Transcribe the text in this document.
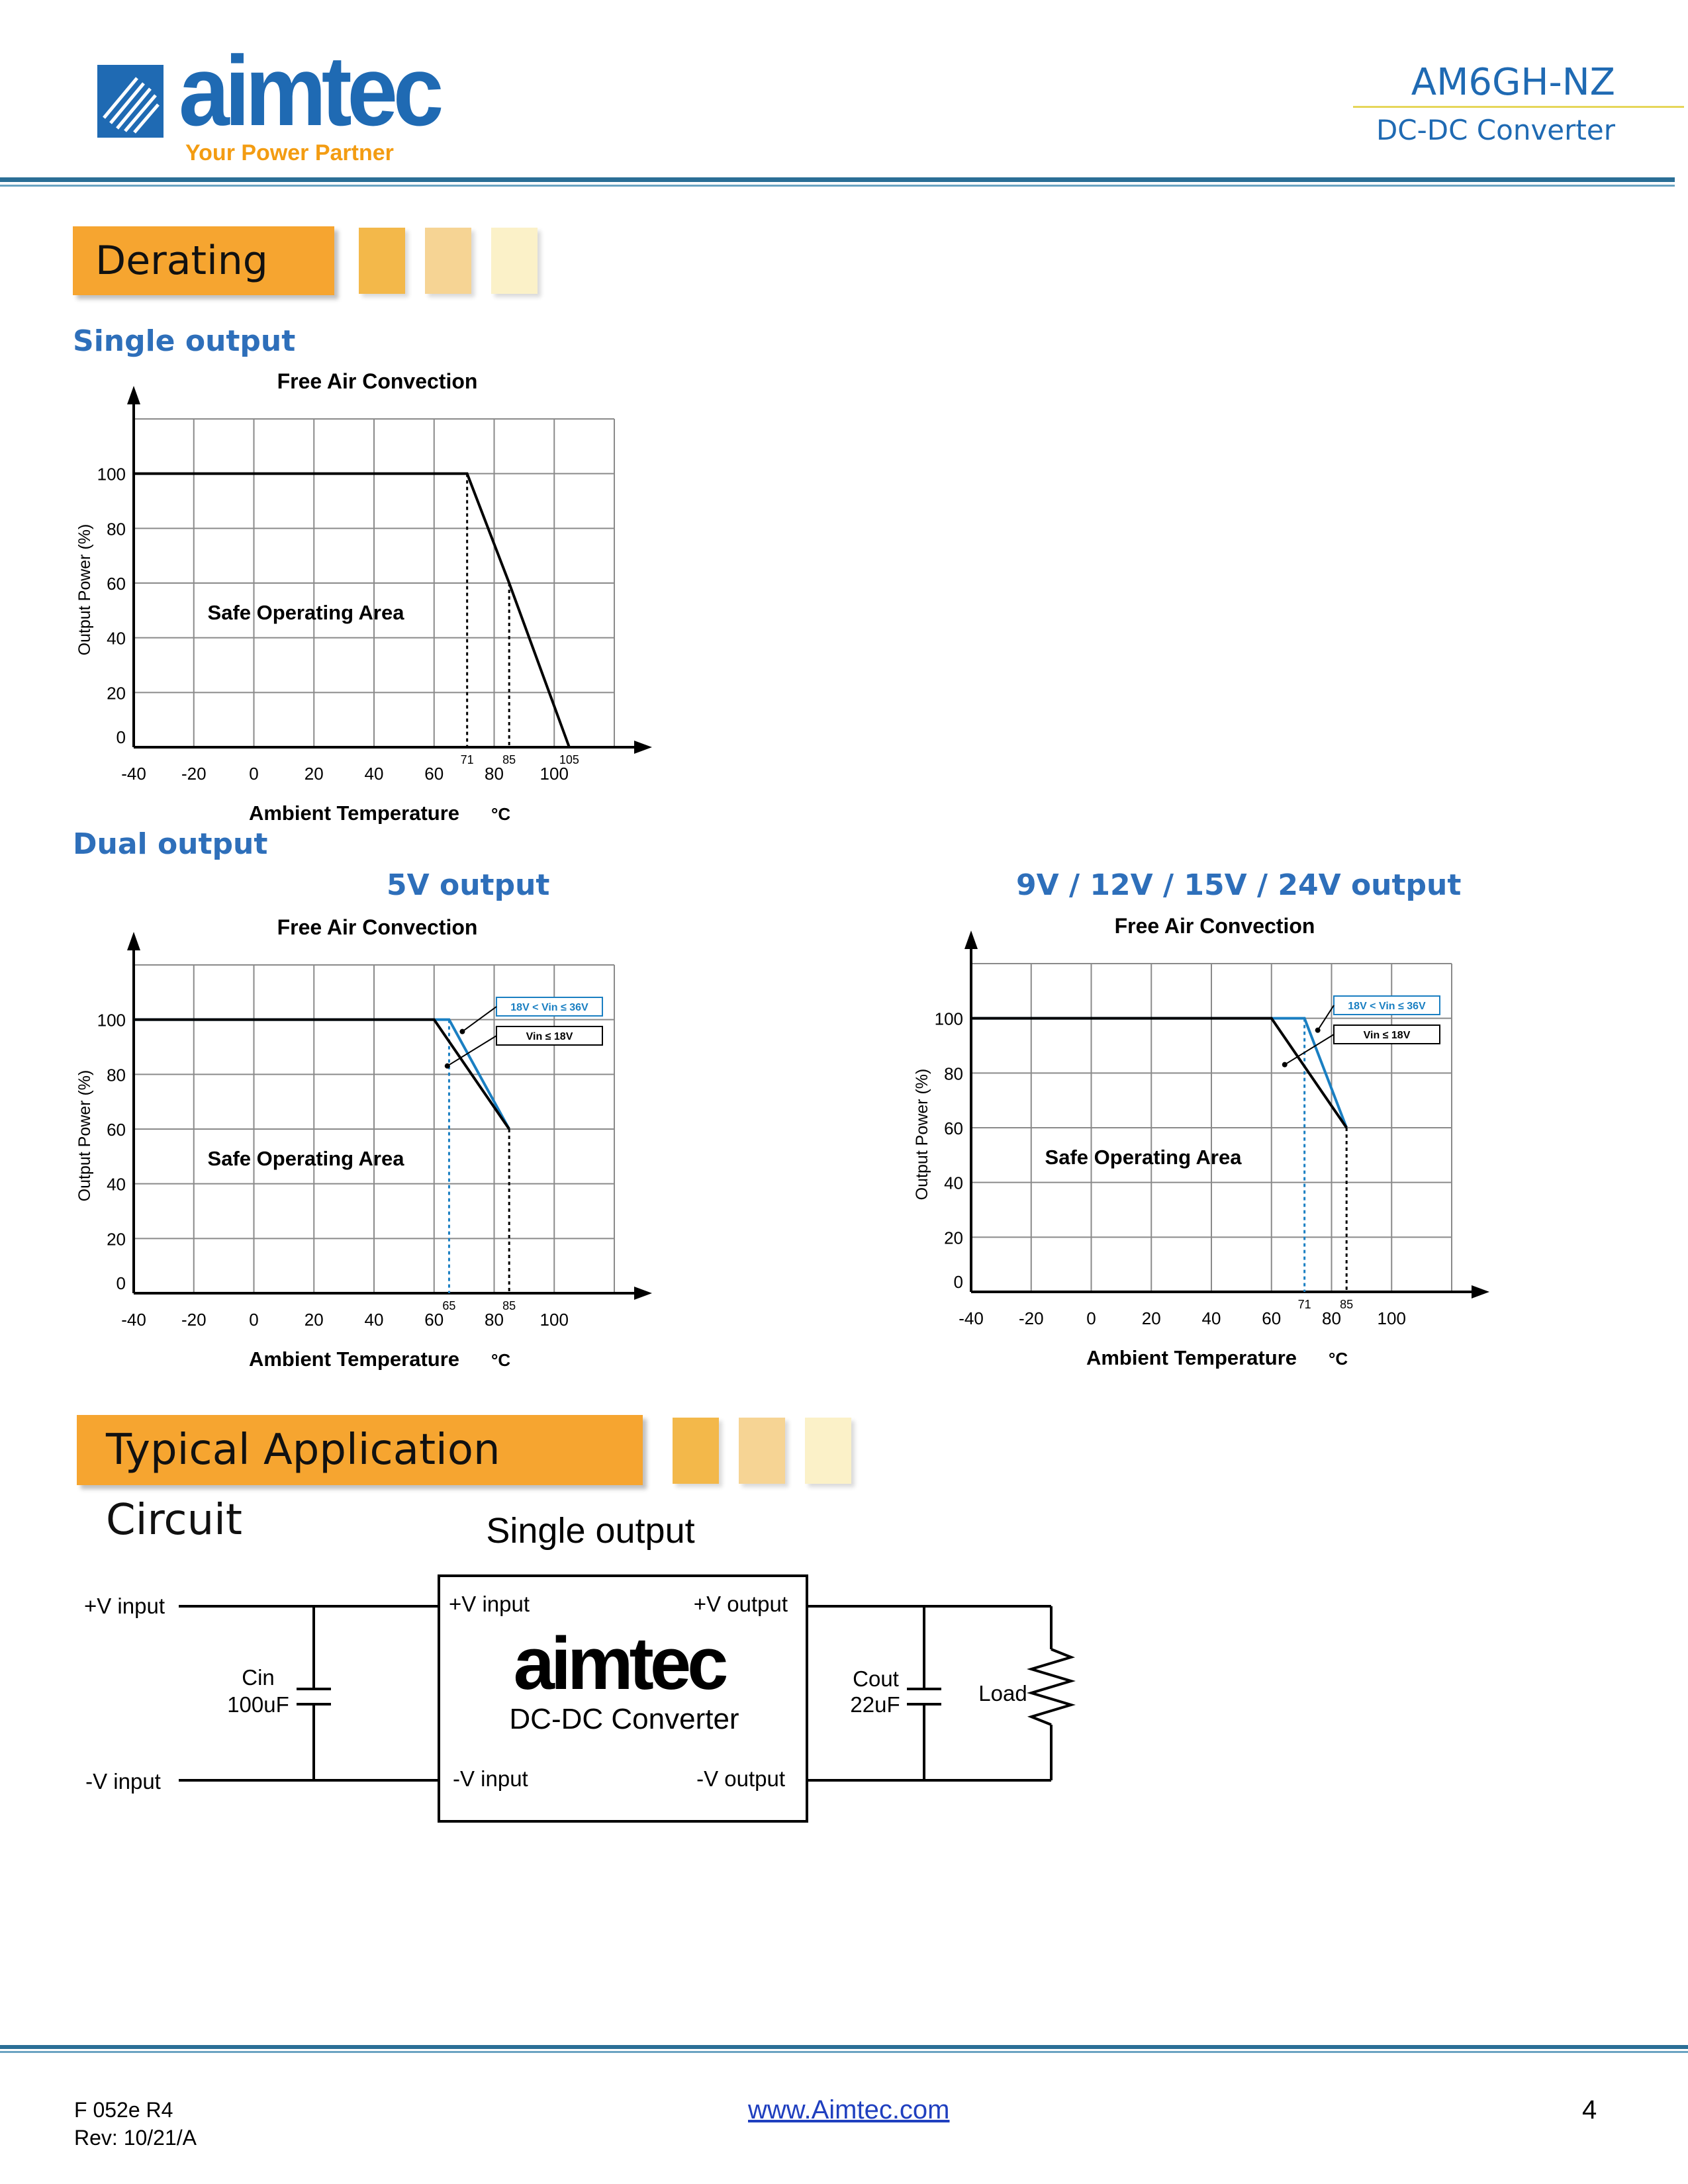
aimtec
Your Power Partner
AM6GH-NZ
DC-DC Converter
Derating
Single output
Dual output
5V output	9V / 12V / 15V / 24V output
Free Air Convection
0
20
40
60
80
100
-40 -20 0	20 40 60 80 100
Output Power (%)
Ambient Temperature °C
Safe Operating Area
71 85	105
Free Air Convection
0
20
40
60
80
100
-40 -20 0	20 40 60 80 100
Output Power (%)
Ambient Temperature °C
Safe Operating Area
65	85
18V < Vin ≤ 36V
Vin ≤ 18V
Free Air Convection
0
20
40
60
80
100
-40 -20 0	20 40 60 80 100
Output Power (%)
Ambient Temperature °C
Safe Operating Area
71 85
18V < Vin ≤ 36V
Vin ≤ 18V
Typical Application Circuit	Single output
+V input
-V input
Cin
100uF
+V input	+V output
-V input	-V output
aimtec
DC-DC Converter
Cout
22uF	Load
F 052e R4
Rev: 10/21/A
www.Aimtec.com	4
